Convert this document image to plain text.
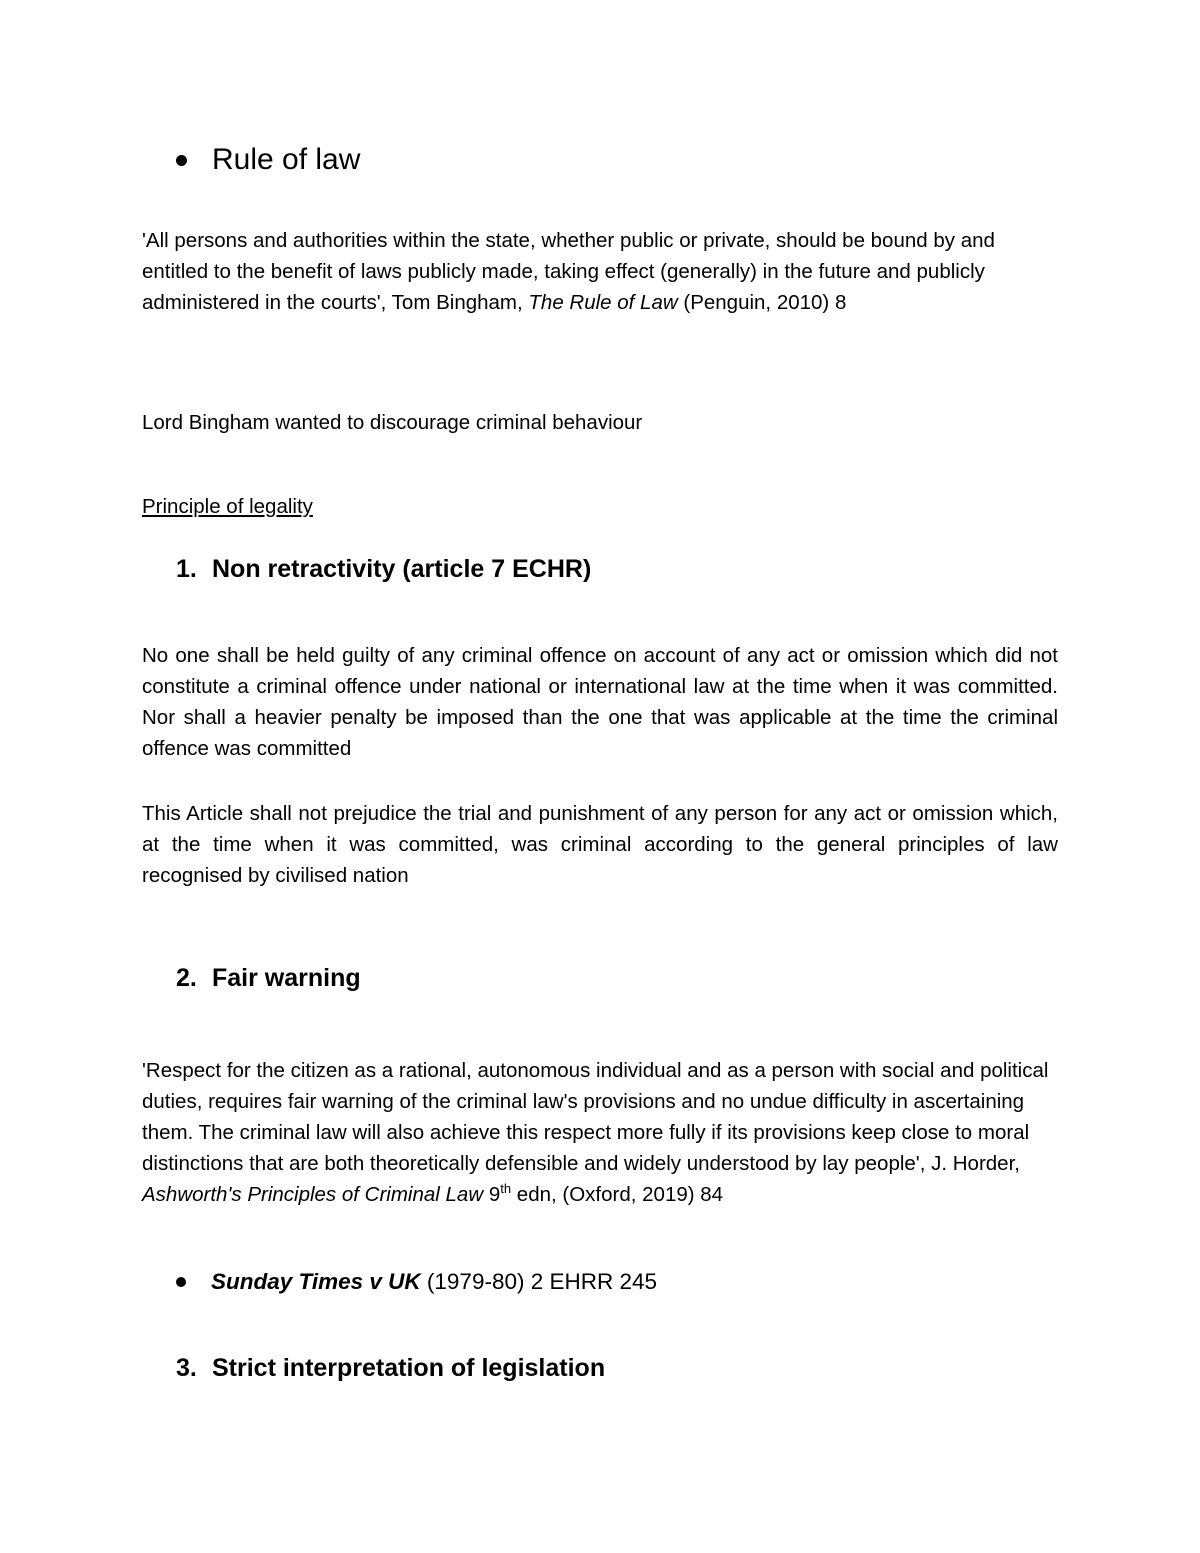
Rule of law

'All persons and authorities within the state, whether public or private, should be bound by and entitled to the benefit of laws publicly made, taking effect (generally) in the future and publicly administered in the courts', Tom Bingham, The Rule of Law (Penguin, 2010) 8

Lord Bingham wanted to discourage criminal behaviour

Principle of legality

1. Non retractivity (article 7 ECHR)

No one shall be held guilty of any criminal offence on account of any act or omission which did not constitute a criminal offence under national or international law at the time when it was committed. Nor shall a heavier penalty be imposed than the one that was applicable at the time the criminal offence was committed

This Article shall not prejudice the trial and punishment of any person for any act or omission which, at the time when it was committed, was criminal according to the general principles of law recognised by civilised nation

2. Fair warning

'Respect for the citizen as a rational, autonomous individual and as a person with social and political duties, requires fair warning of the criminal law's provisions and no undue difficulty in ascertaining them. The criminal law will also achieve this respect more fully if its provisions keep close to moral distinctions that are both theoretically defensible and widely understood by lay people', J. Horder, Ashworth's Principles of Criminal Law 9th edn, (Oxford, 2019) 84

Sunday Times v UK (1979-80) 2 EHRR 245
3. Strict interpretation of legislation
